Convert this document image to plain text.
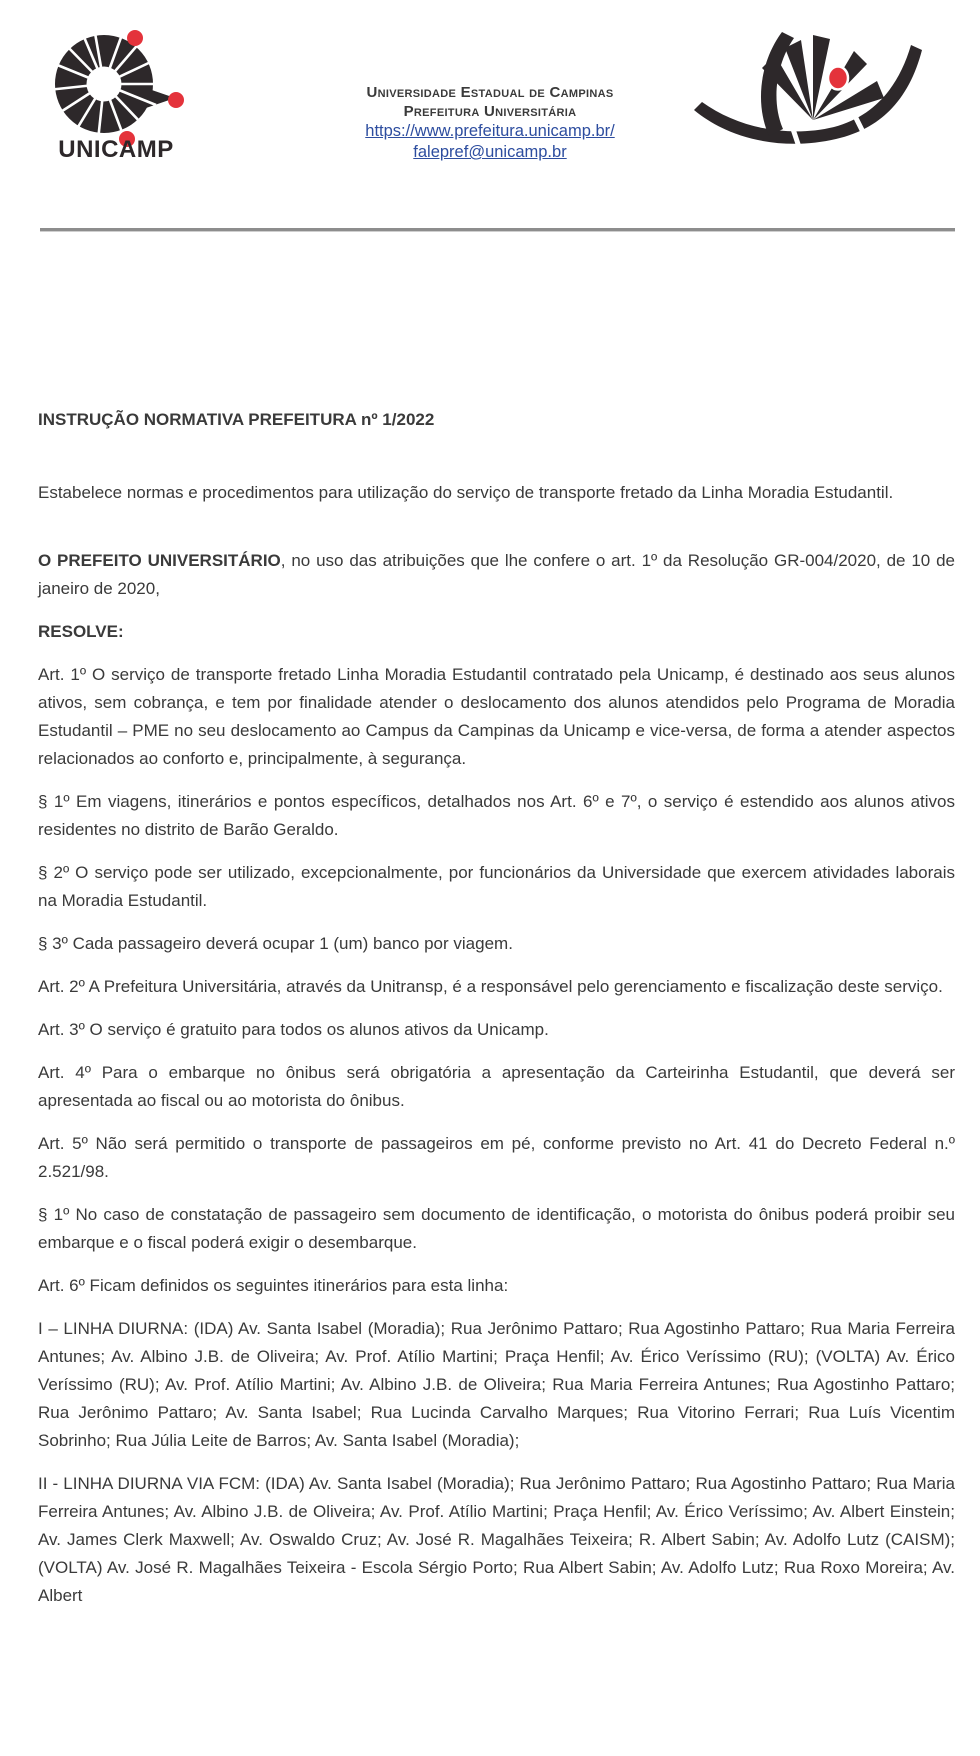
UNICAMP
Universidade Estadual de Campinas
Prefeitura Universitária
https://www.prefeitura.unicamp.br/
falepref@unicamp.br

INSTRUÇÃO NORMATIVA PREFEITURA nº 1/2022

Estabelece normas e procedimentos para utilização do serviço de transporte fretado da Linha Moradia Estudantil.

O PREFEITO UNIVERSITÁRIO, no uso das atribuições que lhe confere o art. 1º da Resolução GR-004/2020, de 10 de janeiro de 2020,

RESOLVE:

Art. 1º O serviço de transporte fretado Linha Moradia Estudantil contratado pela Unicamp, é destinado aos seus alunos ativos, sem cobrança, e tem por finalidade atender o deslocamento dos alunos atendidos pelo Programa de Moradia Estudantil – PME no seu deslocamento ao Campus da Campinas da Unicamp e vice-versa, de forma a atender aspectos relacionados ao conforto e, principalmente, à segurança.

§ 1º Em viagens, itinerários e pontos específicos, detalhados nos Art. 6º e 7º, o serviço é estendido aos alunos ativos residentes no distrito de Barão Geraldo.

§ 2º O serviço pode ser utilizado, excepcionalmente, por funcionários da Universidade que exercem atividades laborais na Moradia Estudantil.

§ 3º Cada passageiro deverá ocupar 1 (um) banco por viagem.

Art. 2º A Prefeitura Universitária, através da Unitransp, é a responsável pelo gerenciamento e fiscalização deste serviço.

Art. 3º O serviço é gratuito para todos os alunos ativos da Unicamp.

Art. 4º Para o embarque no ônibus será obrigatória a apresentação da Carteirinha Estudantil, que deverá ser apresentada ao fiscal ou ao motorista do ônibus.

Art. 5º Não será permitido o transporte de passageiros em pé, conforme previsto no Art. 41 do Decreto Federal n.º 2.521/98.

§ 1º No caso de constatação de passageiro sem documento de identificação, o motorista do ônibus poderá proibir seu embarque e o fiscal poderá exigir o desembarque.

Art. 6º Ficam definidos os seguintes itinerários para esta linha:

I – LINHA DIURNA: (IDA) Av. Santa Isabel (Moradia); Rua Jerônimo Pattaro; Rua Agostinho Pattaro; Rua Maria Ferreira Antunes; Av. Albino J.B. de Oliveira; Av. Prof. Atílio Martini; Praça Henfil; Av. Érico Veríssimo (RU); (VOLTA) Av. Érico Veríssimo (RU); Av. Prof. Atílio Martini; Av. Albino J.B. de Oliveira; Rua Maria Ferreira Antunes; Rua Agostinho Pattaro; Rua Jerônimo Pattaro; Av. Santa Isabel; Rua Lucinda Carvalho Marques; Rua Vitorino Ferrari; Rua Luís Vicentim Sobrinho; Rua Júlia Leite de Barros; Av. Santa Isabel (Moradia);

II - LINHA DIURNA VIA FCM: (IDA) Av. Santa Isabel (Moradia); Rua Jerônimo Pattaro; Rua Agostinho Pattaro; Rua Maria Ferreira Antunes; Av. Albino J.B. de Oliveira; Av. Prof. Atílio Martini; Praça Henfil; Av. Érico Veríssimo; Av. Albert Einstein; Av. James Clerk Maxwell; Av. Oswaldo Cruz; Av. José R. Magalhães Teixeira; R. Albert Sabin; Av. Adolfo Lutz (CAISM); (VOLTA) Av. José R. Magalhães Teixeira - Escola Sérgio Porto; Rua Albert Sabin; Av. Adolfo Lutz; Rua Roxo Moreira; Av. Albert
